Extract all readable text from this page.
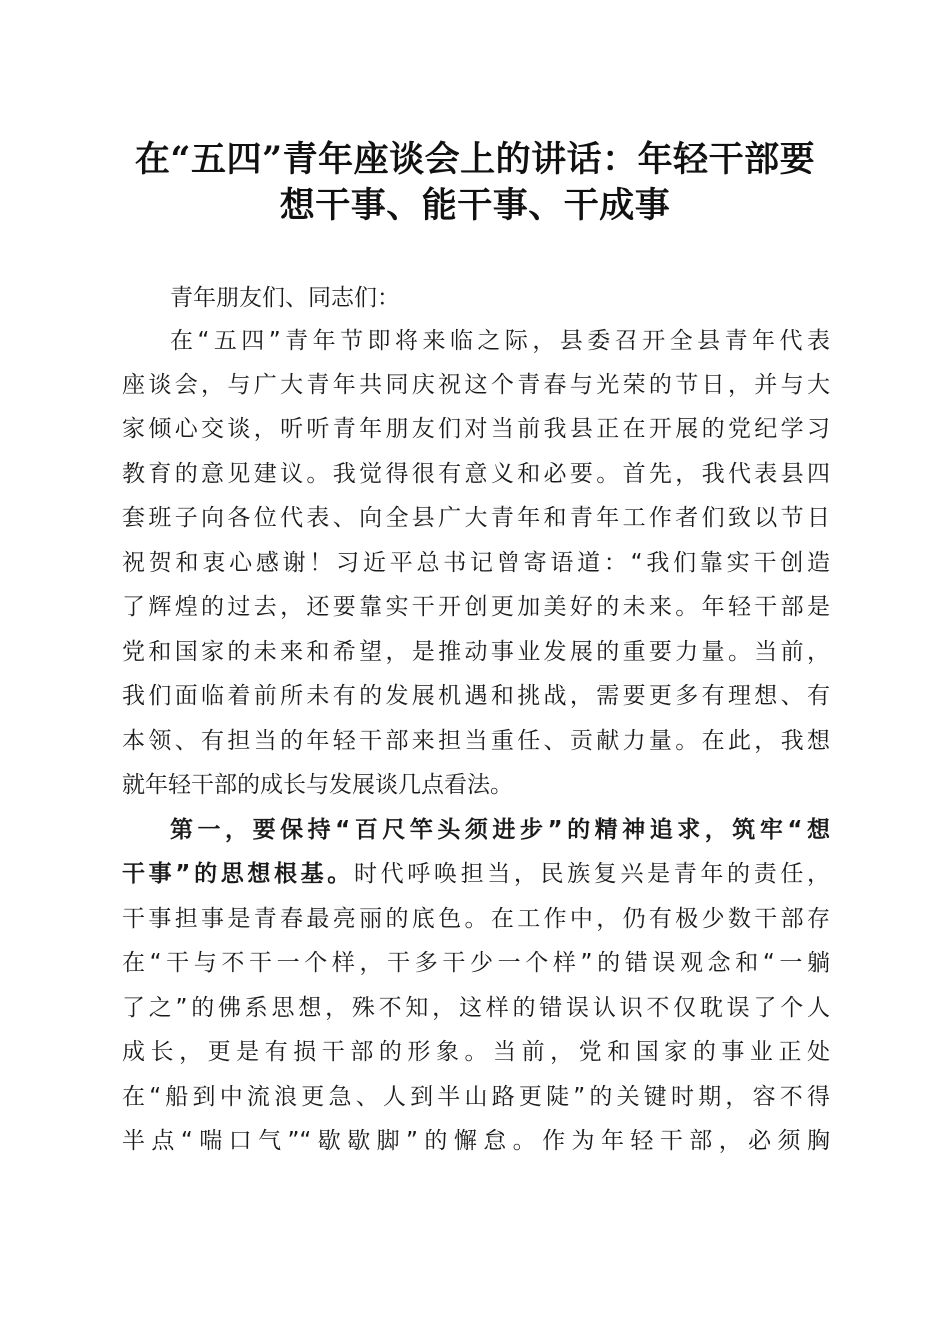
在“五四”青年座谈会上的讲话：年轻干部要
想干事、能干事、干成事
青年朋友们、同志们：
在“五四”青年节即将来临之际，县委召开全县青年代表
座谈会，与广大青年共同庆祝这个青春与光荣的节日，并与大
家倾心交谈，听听青年朋友们对当前我县正在开展的党纪学习
教育的意见建议。我觉得很有意义和必要。首先，我代表县四
套班子向各位代表、向全县广大青年和青年工作者们致以节日
祝贺和衷心感谢！习近平总书记曾寄语道：“我们靠实干创造
了辉煌的过去，还要靠实干开创更加美好的未来。年轻干部是
党和国家的未来和希望，是推动事业发展的重要力量。当前，
我们面临着前所未有的发展机遇和挑战，需要更多有理想、有
本领、有担当的年轻干部来担当重任、贡献力量。在此，我想
就年轻干部的成长与发展谈几点看法。
第一，要保持“百尺竿头须进步”的精神追求，筑牢“想
干事”的思想根基。时代呼唤担当，民族复兴是青年的责任，
干事担事是青春最亮丽的底色。在工作中，仍有极少数干部存
在“干与不干一个样，干多干少一个样”的错误观念和“一躺
了之”的佛系思想，殊不知，这样的错误认识不仅耽误了个人
成长，更是有损干部的形象。当前，党和国家的事业正处
在“船到中流浪更急、人到半山路更陡”的关键时期，容不得
半点“喘口气”“歇歇脚”的懈怠。作为年轻干部，必须胸
